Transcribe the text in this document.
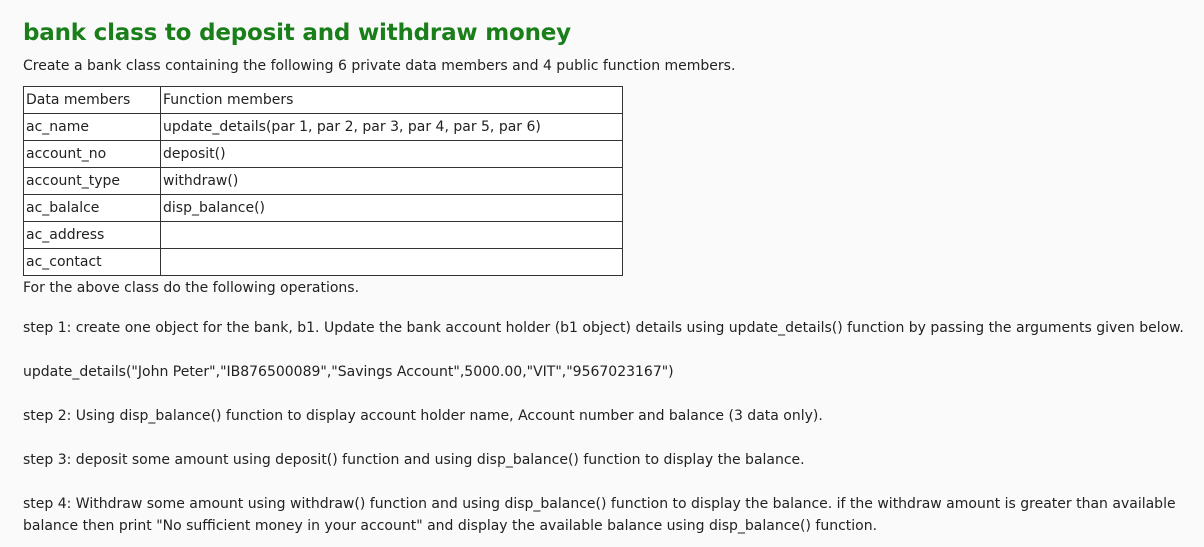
bank class to deposit and withdraw money

Create a bank class containing the following 6 private data members and 4 public function members.

Data members	Function members
ac_name	update_details(par 1, par 2, par 3, par 4, par 5, par 6)
account_no	deposit()
account_type	withdraw()
ac_balalce	disp_balance()
ac_address	
ac_contact	

For the above class do the following operations.

step 1: create one object for the bank, b1. Update the bank account holder (b1 object) details using update_details() function by passing the arguments given below.

update_details("John Peter","IB876500089","Savings Account",5000.00,"VIT","9567023167")

step 2: Using disp_balance() function to display account holder name, Account number and balance (3 data only).

step 3: deposit some amount using deposit() function and using disp_balance() function to display the balance.

step 4: Withdraw some amount using withdraw() function and using disp_balance() function to display the balance. if the withdraw amount is greater than available balance then print "No sufficient money in your account" and display the available balance using disp_balance() function.
